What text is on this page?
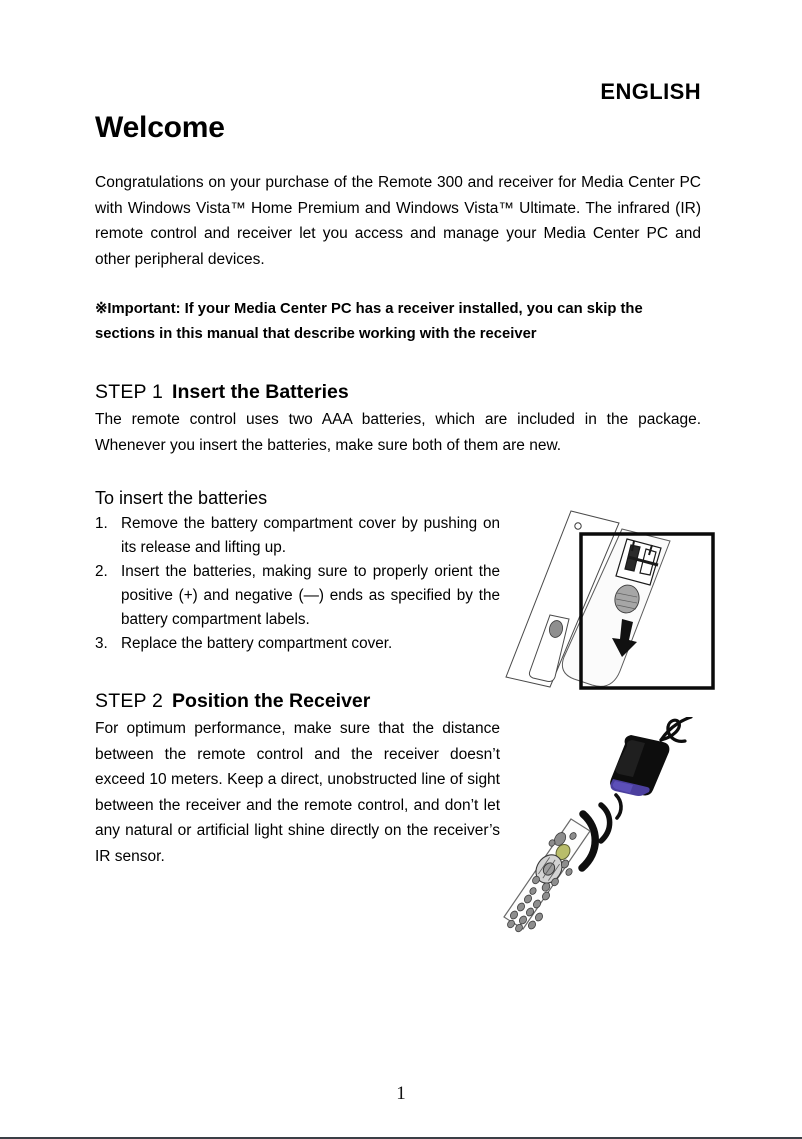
ENGLISH
Welcome

Congratulations on your purchase of the Remote 300 and receiver for Media Center PC with Windows Vista™ Home Premium and Windows Vista™ Ultimate. The infrared (IR) remote control and receiver let you access and manage your Media Center PC and other peripheral devices.

※Important: If your Media Center PC has a receiver installed, you can skip the sections in this manual that describe working with the receiver

STEP 1 Insert the Batteries

The remote control uses two AAA batteries, which are included in the package. Whenever you insert the batteries, make sure both of them are new.

To insert the batteries
1. Remove the battery compartment cover by pushing on its release and lifting up.
2. Insert the batteries, making sure to properly orient the positive (+) and negative (—) ends as specified by the battery compartment labels.
3. Replace the battery compartment cover.
STEP 2 Position the Receiver

For optimum performance, make sure that the distance between the remote control and the receiver doesn’t exceed 10 meters. Keep a direct, unobstructed line of sight between the receiver and the remote control, and don’t let any natural or artificial light shine directly on the receiver’s IR sensor.

1
